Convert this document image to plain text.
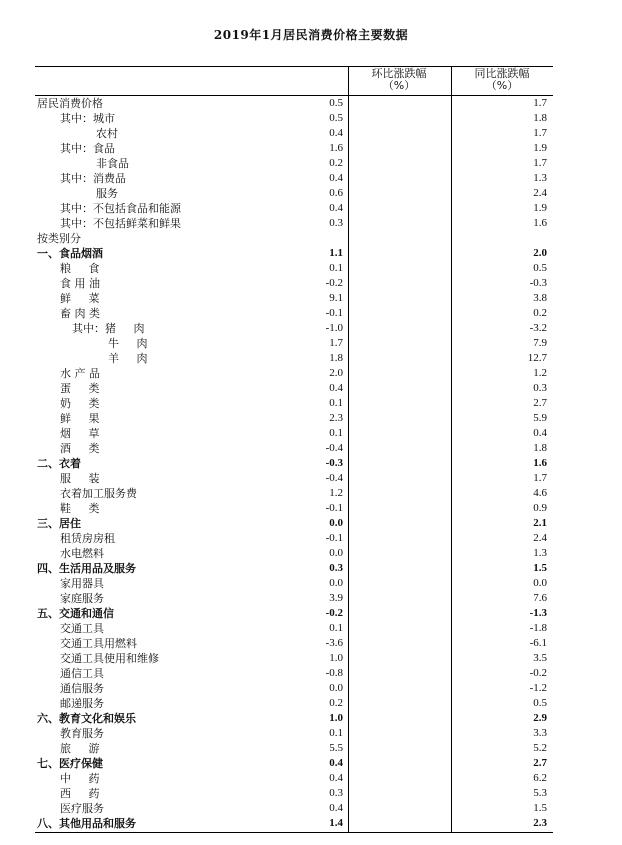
2019年1月居民消费价格主要数据
环比涨跌幅
（%）
同比涨跌幅
（%）
居民消费价格	0.5	1.7
其中：城市	0.5	1.8
农村	0.4	1.7
其中：食品	1.6	1.9
非食品	0.2	1.7
其中：消费品	0.4	1.3
服务	0.6	2.4
其中：不包括食品和能源	0.4	1.9
其中：不包括鲜菜和鲜果	0.3	1.6
按类别分
一、食品烟酒	1.1	2.0
粮     食	0.1	0.5
食 用 油	-0.2	-0.3
鲜     菜	9.1	3.8
畜 肉 类	-0.1	0.2
其中：猪     肉	-1.0	-3.2
牛     肉	1.7	7.9
羊     肉	1.8	12.7
水 产 品	2.0	1.2
蛋     类	0.4	0.3
奶     类	0.1	2.7
鲜     果	2.3	5.9
烟     草	0.1	0.4
酒     类	-0.4	1.8
二、衣着	-0.3	1.6
服     装	-0.4	1.7
衣着加工服务费	1.2	4.6
鞋     类	-0.1	0.9
三、居住	0.0	2.1
租赁房房租	-0.1	2.4
水电燃料	0.0	1.3
四、生活用品及服务	0.3	1.5
家用器具	0.0	0.0
家庭服务	3.9	7.6
五、交通和通信	-0.2	-1.3
交通工具	0.1	-1.8
交通工具用燃料	-3.6	-6.1
交通工具使用和维修	1.0	3.5
通信工具	-0.8	-0.2
通信服务	0.0	-1.2
邮递服务	0.2	0.5
六、教育文化和娱乐	1.0	2.9
教育服务	0.1	3.3
旅     游	5.5	5.2
七、医疗保健	0.4	2.7
中     药	0.4	6.2
西     药	0.3	5.3
医疗服务	0.4	1.5
八、其他用品和服务	1.4	2.3
